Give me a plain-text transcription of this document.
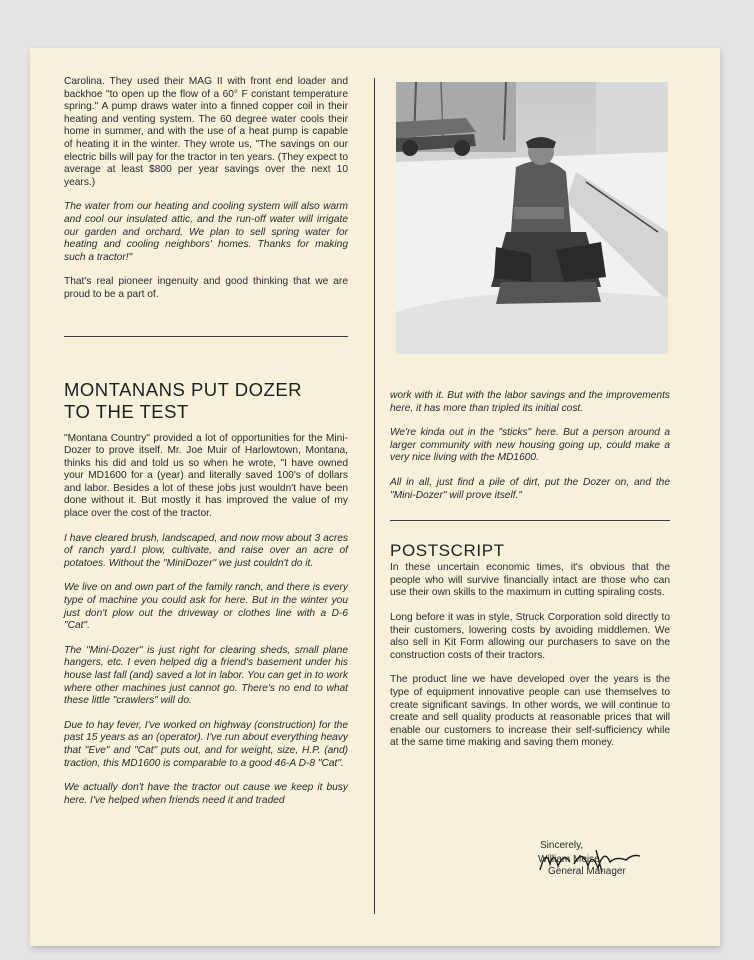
Carolina. They used their MAG II with front end loader and backhoe "to open up the flow of a 60° F constant temperature spring." A pump draws water into a finned copper coil in their heating and venting system. The 60 degree water cools their home in summer, and with the use of a heat pump is capable of heating it in the winter. They wrote us, "The savings on our electric bills will pay for the tractor in ten years. (They expect to average at least $800 per year savings over the next 10 years.)

The water from our heating and cooling system will also warm and cool our insulated attic, and the run-off water will irrigate our garden and orchard. We plan to sell spring water for heating and cooling neighbors' homes. Thanks for making such a tractor!"

That's real pioneer ingenuity and good thinking that we are proud to be a part of.

MONTANANS PUT DOZER
TO THE TEST

"Montana Country" provided a lot of opportunities for the Mini-Dozer to prove itself. Mr. Joe Muir of Harlowtown, Montana, thinks his did and told us so when he wrote, "I have owned your MD1600 for a (year) and literally saved 100's of dollars and labor. Besides a lot of these jobs just wouldn't have been done without it. But mostly it has improved the value of my place over the cost of the tractor.

I have cleared brush, landscaped, and now mow about 3 acres of ranch yard.I plow, cultivate, and raise over an acre of potatoes. Without the "MiniDozer" we just couldn't do it.

We live on and own part of the family ranch, and there is every type of machine you could ask for here. But in the winter you just don't plow out the driveway or clothes line with a D-6 "Cat".

The "Mini-Dozer" is just right for clearing sheds, small plane hangers, etc. I even helped dig a friend's basement under his house last fall (and) saved a lot in labor. You can get in to work where other machines just cannot go. There's no end to what these little "crawlers" will do.

Due to hay fever, I've worked on highway (construction) for the past 15 years as an (operator). I've run about everything heavy that "Eve" and "Cat" puts out, and for weight, size, H.P. (and) traction, this MD1600 is comparable to a good 46-A D-8 "Cat".

We actually don't have the tractor out cause we keep it busy here. I've helped when friends need it and traded

work with it. But with the labor savings and the improvements here, it has more than tripled its initial cost.

We're kinda out in the "sticks" here. But a person around a larger community with new housing going up, could make a very nice living with the MD1600.

All in all, just find a pile of dirt, put the Dozer on, and the "Mini-Dozer" will prove itself."

POSTSCRIPT

In these uncertain economic times, it's obvious that the people who will survive financially intact are those who can use their own skills to the maximum in cutting spiraling costs.

Long before it was in style, Struck Corporation sold directly to their customers, lowering costs by avoiding middlemen. We also sell in Kit Form allowing our purchasers to save on the construction costs of their tractors.

The product line we have developed over the years is the type of equipment innovative people can use themselves to create significant savings. In other words, we will continue to create and sell quality products at reasonable prices that will enable our customers to increase their self-sufficiency while at the same time making and saving them money.

Sincerely,
William Meise
General Manager
